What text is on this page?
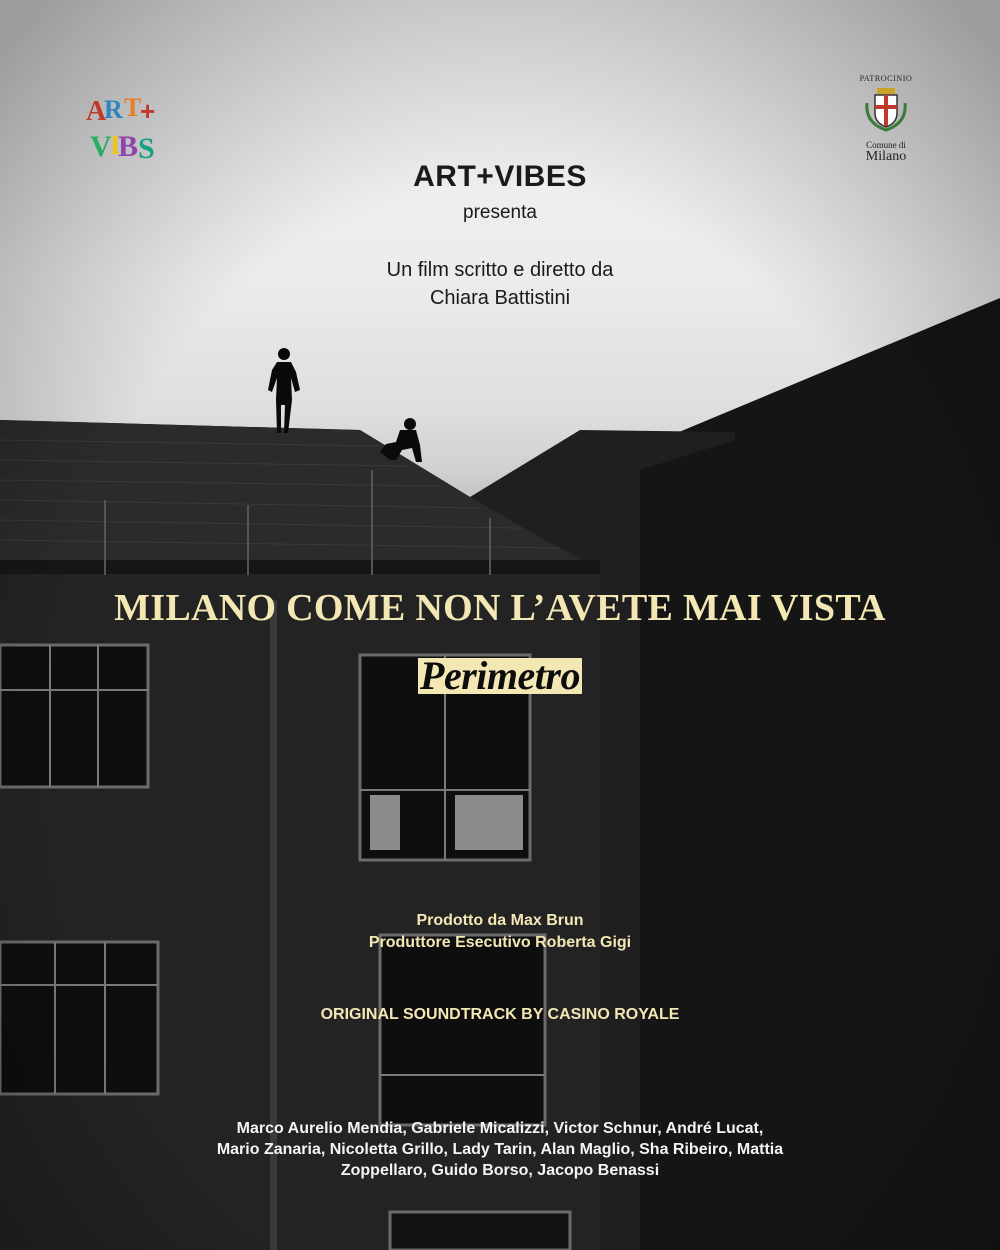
A
R T
+
V
I
B S
PATROCINIO
Comune di
Milano
ART+VIBES
presenta
Un film scritto e diretto da
Chiara Battistini
MILANO COME NON L’AVETE MAI VISTA
Perimetro
Prodotto da Max Brun
Produttore Esecutivo Roberta Gigi
ORIGINAL SOUNDTRACK BY CASINO ROYALE
Marco Aurelio Mendia, Gabriele Micalizzi, Victor Schnur, André Lucat,
Mario Zanaria, Nicoletta Grillo, Lady Tarin, Alan Maglio, Sha Ribeiro, Mattia
Zoppellaro, Guido Borso, Jacopo Benassi
